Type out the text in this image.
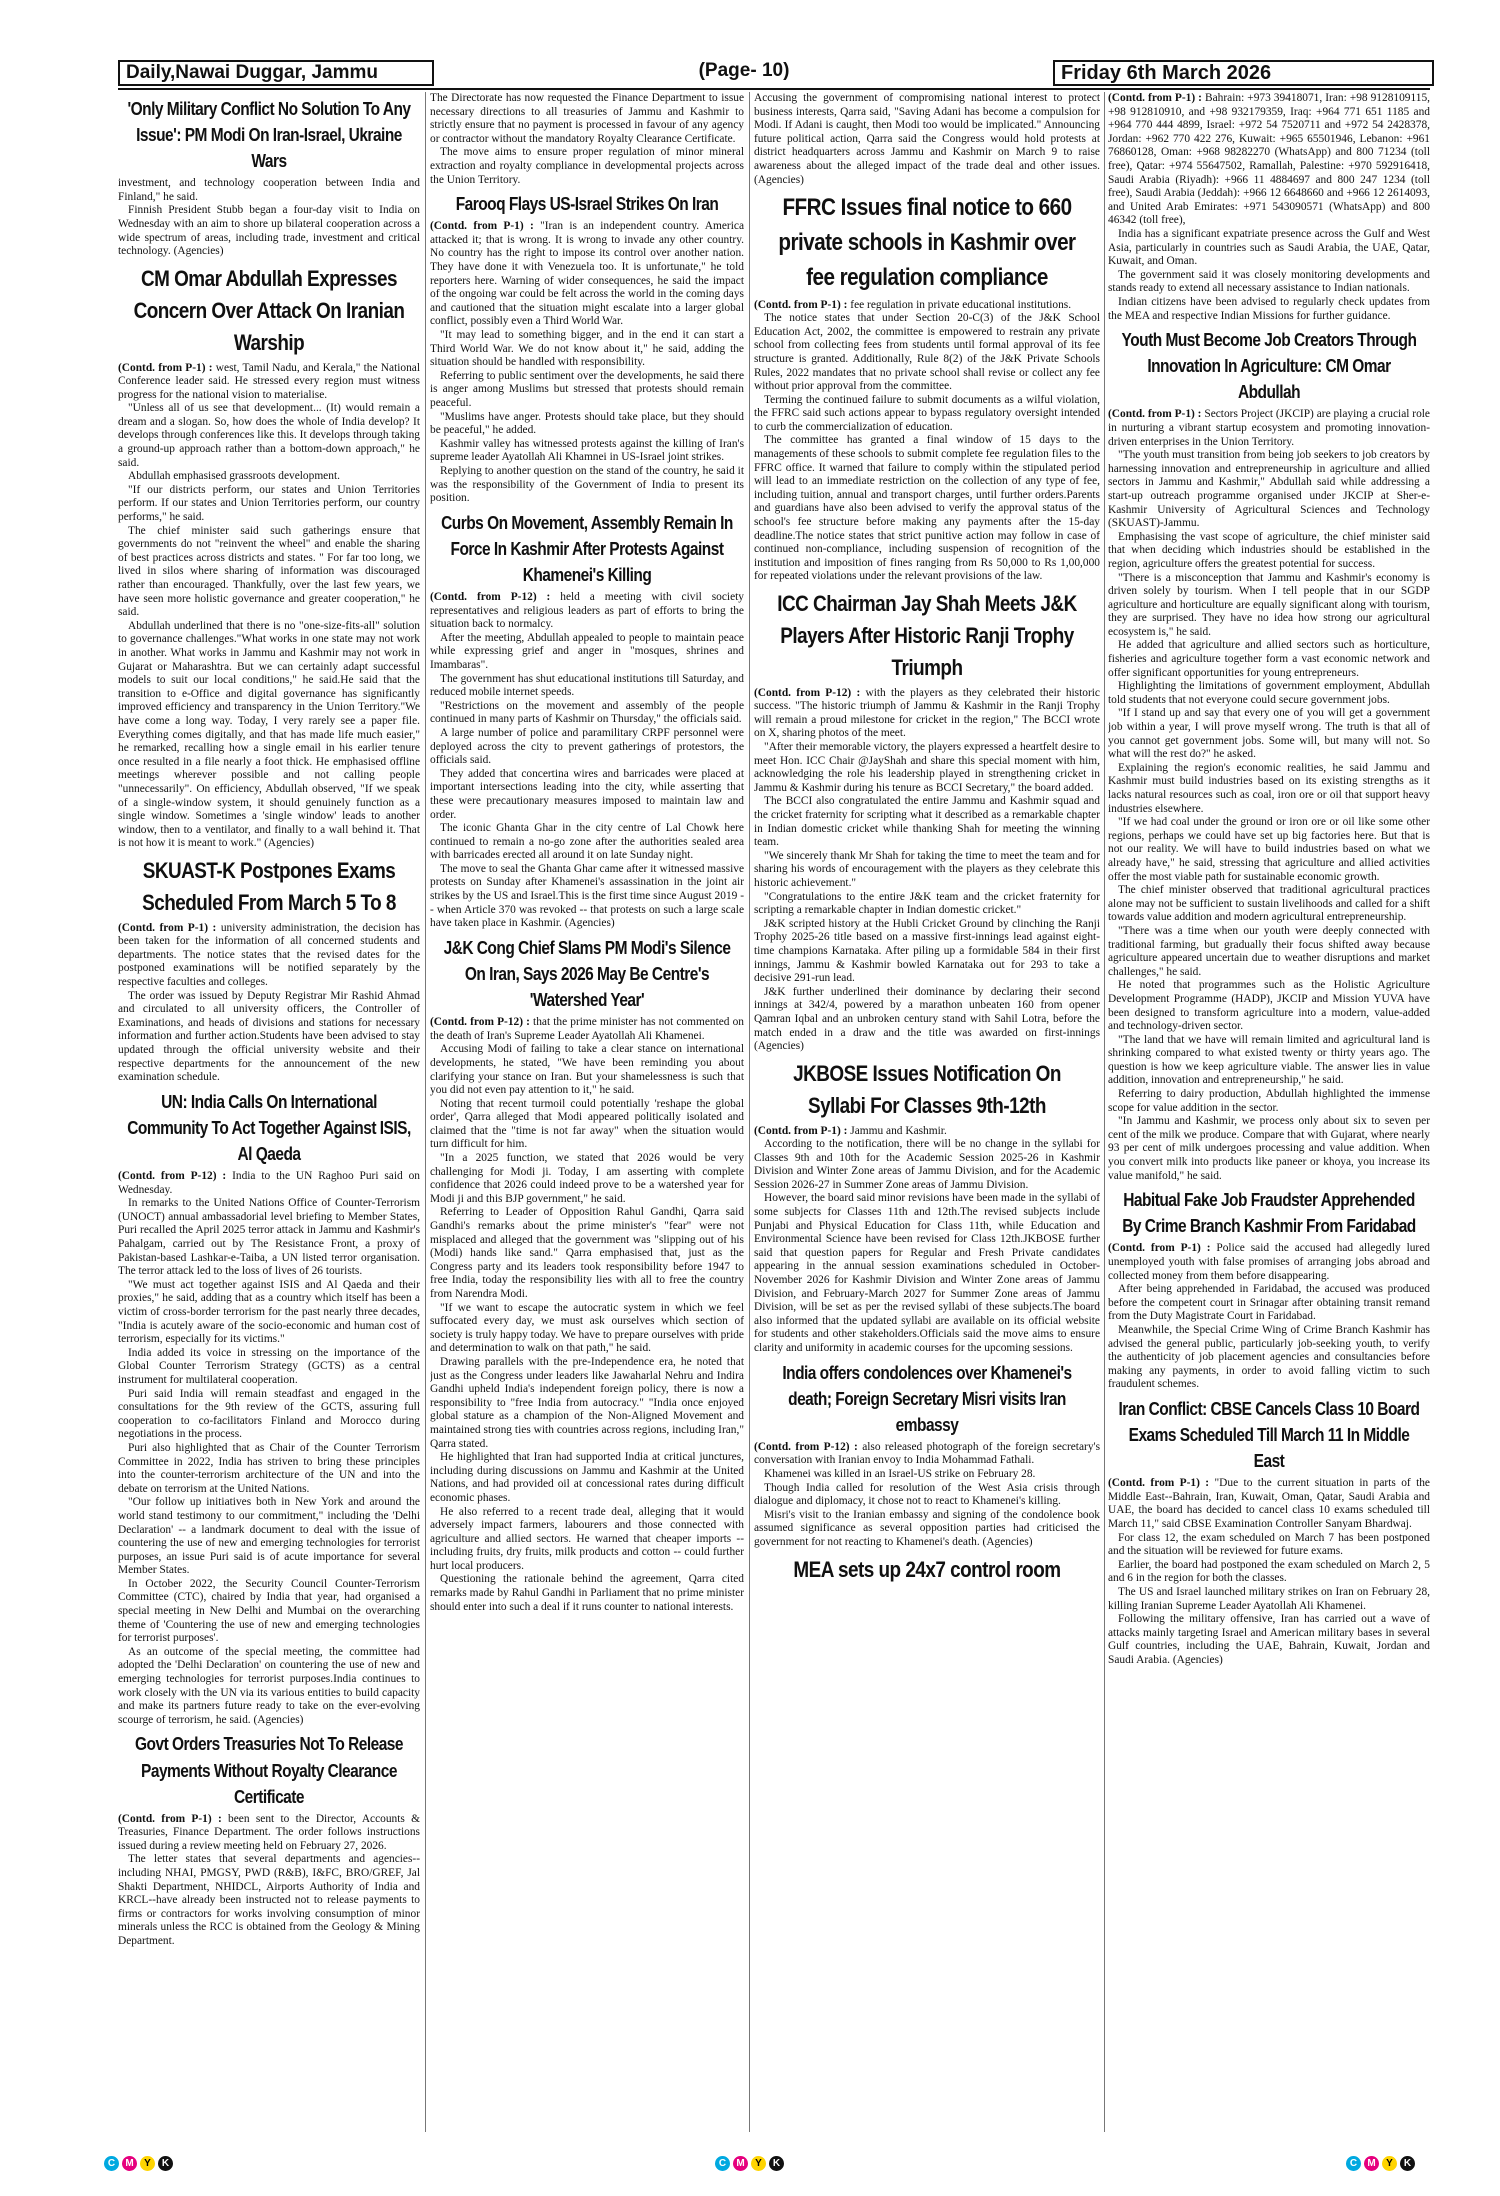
Daily,Nawai Duggar, Jammu	(Page- 10)	Friday 6th March 2026
'Only Military Conflict No Solution To Any Issue': PM Modi On Iran-Israel, Ukraine Wars

investment, and technology cooperation between India and Finland," he said.

Finnish President Stubb began a four-day visit to India on Wednesday with an aim to shore up bilateral cooperation across a wide spectrum of areas, including trade, investment and critical technology. (Agencies)

CM Omar Abdullah Expresses Concern Over Attack On Iranian Warship

(Contd. from P-1) : west, Tamil Nadu, and Kerala," the National Conference leader said. He stressed every region must witness progress for the national vision to materialise.

"Unless all of us see that development... (It) would remain a dream and a slogan. So, how does the whole of India develop? It develops through conferences like this. It develops through taking a ground-up approach rather than a bottom-down approach," he said.

Abdullah emphasised grassroots development.

"If our districts perform, our states and Union Territories perform. If our states and Union Territories perform, our country performs," he said.

The chief minister said such gatherings ensure that governments do not "reinvent the wheel" and enable the sharing of best practices across districts and states. " For far too long, we lived in silos where sharing of information was discouraged rather than encouraged. Thankfully, over the last few years, we have seen more holistic governance and greater cooperation," he said.

Abdullah underlined that there is no "one-size-fits-all" solution to governance challenges."What works in one state may not work in another. What works in Jammu and Kashmir may not work in Gujarat or Maharashtra. But we can certainly adapt successful models to suit our local conditions," he said.He said that the transition to e-Office and digital governance has significantly improved efficiency and transparency in the Union Territory."We have come a long way. Today, I very rarely see a paper file. Everything comes digitally, and that has made life much easier," he remarked, recalling how a single email in his earlier tenure once resulted in a file nearly a foot thick. He emphasised offline meetings wherever possible and not calling people "unnecessarily". On efficiency, Abdullah observed, "If we speak of a single-window system, it should genuinely function as a single window. Sometimes a 'single window' leads to another window, then to a ventilator, and finally to a wall behind it. That is not how it is meant to work." (Agencies)

SKUAST-K Postpones Exams Scheduled From March 5 To 8

(Contd. from P-1) : university administration, the decision has been taken for the information of all concerned students and departments. The notice states that the revised dates for the postponed examinations will be notified separately by the respective faculties and colleges.

The order was issued by Deputy Registrar Mir Rashid Ahmad and circulated to all university officers, the Controller of Examinations, and heads of divisions and stations for necessary information and further action.Students have been advised to stay updated through the official university website and their respective departments for the announcement of the new examination schedule.

UN: India Calls On International Community To Act Together Against ISIS, Al Qaeda

(Contd. from P-12) : India to the UN Raghoo Puri said on Wednesday.

In remarks to the United Nations Office of Counter-Terrorism (UNOCT) annual ambassadorial level briefing to Member States, Puri recalled the April 2025 terror attack in Jammu and Kashmir's Pahalgam, carried out by The Resistance Front, a proxy of Pakistan-based Lashkar-e-Taiba, a UN listed terror organisation. The terror attack led to the loss of lives of 26 tourists.

"We must act together against ISIS and Al Qaeda and their proxies," he said, adding that as a country which itself has been a victim of cross-border terrorism for the past nearly three decades, "India is acutely aware of the socio-economic and human cost of terrorism, especially for its victims."

India added its voice in stressing on the importance of the Global Counter Terrorism Strategy (GCTS) as a central instrument for multilateral cooperation.

Puri said India will remain steadfast and engaged in the consultations for the 9th review of the GCTS, assuring full cooperation to co-facilitators Finland and Morocco during negotiations in the process.

Puri also highlighted that as Chair of the Counter Terrorism Committee in 2022, India has striven to bring these principles into the counter-terrorism architecture of the UN and into the debate on terrorism at the United Nations.

"Our follow up initiatives both in New York and around the world stand testimony to our commitment," including the 'Delhi Declaration' -- a landmark document to deal with the issue of countering the use of new and emerging technologies for terrorist purposes, an issue Puri said is of acute importance for several Member States.

In October 2022, the Security Council Counter-Terrorism Committee (CTC), chaired by India that year, had organised a special meeting in New Delhi and Mumbai on the overarching theme of 'Countering the use of new and emerging technologies for terrorist purposes'.

As an outcome of the special meeting, the committee had adopted the 'Delhi Declaration' on countering the use of new and emerging technologies for terrorist purposes.India continues to work closely with the UN via its various entities to build capacity and make its partners future ready to take on the ever-evolving scourge of terrorism, he said. (Agencies)

Govt Orders Treasuries Not To Release Payments Without Royalty Clearance Certificate

(Contd. from P-1) : been sent to the Director, Accounts & Treasuries, Finance Department. The order follows instructions issued during a review meeting held on February 27, 2026.

The letter states that several departments and agencies--including NHAI, PMGSY, PWD (R&B), I&FC, BRO/GREF, Jal Shakti Department, NHIDCL, Airports Authority of India and KRCL--have already been instructed not to release payments to firms or contractors for works involving consumption of minor minerals unless the RCC is obtained from the Geology & Mining Department.

The Directorate has now requested the Finance Department to issue necessary directions to all treasuries of Jammu and Kashmir to strictly ensure that no payment is processed in favour of any agency or contractor without the mandatory Royalty Clearance Certificate.

The move aims to ensure proper regulation of minor mineral extraction and royalty compliance in developmental projects across the Union Territory.

Farooq Flays US-Israel Strikes On Iran

(Contd. from P-1) : "Iran is an independent country. America attacked it; that is wrong. It is wrong to invade any other country. No country has the right to impose its control over another nation. They have done it with Venezuela too. It is unfortunate," he told reporters here. Warning of wider consequences, he said the impact of the ongoing war could be felt across the world in the coming days and cautioned that the situation might escalate into a larger global conflict, possibly even a Third World War.

"It may lead to something bigger, and in the end it can start a Third World War. We do not know about it," he said, adding the situation should be handled with responsibility.

Referring to public sentiment over the developments, he said there is anger among Muslims but stressed that protests should remain peaceful.

"Muslims have anger. Protests should take place, but they should be peaceful," he added.

Kashmir valley has witnessed protests against the killing of Iran's supreme leader Ayatollah Ali Khamnei in US-Israel joint strikes.

Replying to another question on the stand of the country, he said it was the responsibility of the Government of India to present its position.

Curbs On Movement, Assembly Remain In Force In Kashmir After Protests Against Khamenei's Killing

(Contd. from P-12) : held a meeting with civil society representatives and religious leaders as part of efforts to bring the situation back to normalcy.

After the meeting, Abdullah appealed to people to maintain peace while expressing grief and anger in "mosques, shrines and Imambaras".

The government has shut educational institutions till Saturday, and reduced mobile internet speeds.

"Restrictions on the movement and assembly of the people continued in many parts of Kashmir on Thursday," the officials said.

A large number of police and paramilitary CRPF personnel were deployed across the city to prevent gatherings of protestors, the officials said.

They added that concertina wires and barricades were placed at important intersections leading into the city, while asserting that these were precautionary measures imposed to maintain law and order.

The iconic Ghanta Ghar in the city centre of Lal Chowk here continued to remain a no-go zone after the authorities sealed area with barricades erected all around it on late Sunday night.

The move to seal the Ghanta Ghar came after it witnessed massive protests on Sunday after Khamenei's assassination in the joint air strikes by the US and Israel.This is the first time since August 2019 -- when Article 370 was revoked -- that protests on such a large scale have taken place in Kashmir. (Agencies)

J&K Cong Chief Slams PM Modi's Silence On Iran, Says 2026 May Be Centre's 'Watershed Year'

(Contd. from P-12) : that the prime minister has not commented on the death of Iran's Supreme Leader Ayatollah Ali Khamenei.

Accusing Modi of failing to take a clear stance on international developments, he stated, "We have been reminding you about clarifying your stance on Iran. But your shamelessness is such that you did not even pay attention to it," he said.

Noting that recent turmoil could potentially 'reshape the global order', Qarra alleged that Modi appeared politically isolated and claimed that the "time is not far away" when the situation would turn difficult for him.

"In a 2025 function, we stated that 2026 would be very challenging for Modi ji. Today, I am asserting with complete confidence that 2026 could indeed prove to be a watershed year for Modi ji and this BJP government," he said.

Referring to Leader of Opposition Rahul Gandhi, Qarra said Gandhi's remarks about the prime minister's "fear" were not misplaced and alleged that the government was "slipping out of his (Modi) hands like sand." Qarra emphasised that, just as the Congress party and its leaders took responsibility before 1947 to free India, today the responsibility lies with all to free the country from Narendra Modi.

"If we want to escape the autocratic system in which we feel suffocated every day, we must ask ourselves which section of society is truly happy today. We have to prepare ourselves with pride and determination to walk on that path," he said.

Drawing parallels with the pre-Independence era, he noted that just as the Congress under leaders like Jawaharlal Nehru and Indira Gandhi upheld India's independent foreign policy, there is now a responsibility to "free India from autocracy." "India once enjoyed global stature as a champion of the Non-Aligned Movement and maintained strong ties with countries across regions, including Iran," Qarra stated.

He highlighted that Iran had supported India at critical junctures, including during discussions on Jammu and Kashmir at the United Nations, and had provided oil at concessional rates during difficult economic phases.

He also referred to a recent trade deal, alleging that it would adversely impact farmers, labourers and those connected with agriculture and allied sectors. He warned that cheaper imports -- including fruits, dry fruits, milk products and cotton -- could further hurt local producers.

Questioning the rationale behind the agreement, Qarra cited remarks made by Rahul Gandhi in Parliament that no prime minister should enter into such a deal if it runs counter to national interests.

Accusing the government of compromising national interest to protect business interests, Qarra said, "Saving Adani has become a compulsion for Modi. If Adani is caught, then Modi too would be implicated." Announcing future political action, Qarra said the Congress would hold protests at district headquarters across Jammu and Kashmir on March 9 to raise awareness about the alleged impact of the trade deal and other issues. (Agencies)

FFRC Issues final notice to 660 private schools in Kashmir over fee regulation compliance

(Contd. from P-1) : fee regulation in private educational institutions.

The notice states that under Section 20-C(3) of the J&K School Education Act, 2002, the committee is empowered to restrain any private school from collecting fees from students until formal approval of its fee structure is granted. Additionally, Rule 8(2) of the J&K Private Schools Rules, 2022 mandates that no private school shall revise or collect any fee without prior approval from the committee.

Terming the continued failure to submit documents as a wilful violation, the FFRC said such actions appear to bypass regulatory oversight intended to curb the commercialization of education.

The committee has granted a final window of 15 days to the managements of these schools to submit complete fee regulation files to the FFRC office. It warned that failure to comply within the stipulated period will lead to an immediate restriction on the collection of any type of fee, including tuition, annual and transport charges, until further orders.Parents and guardians have also been advised to verify the approval status of the school's fee structure before making any payments after the 15-day deadline.The notice states that strict punitive action may follow in case of continued non-compliance, including suspension of recognition of the institution and imposition of fines ranging from Rs 50,000 to Rs 1,00,000 for repeated violations under the relevant provisions of the law.

ICC Chairman Jay Shah Meets J&K Players After Historic Ranji Trophy Triumph

(Contd. from P-12) : with the players as they celebrated their historic success. "The historic triumph of Jammu & Kashmir in the Ranji Trophy will remain a proud milestone for cricket in the region," The BCCI wrote on X, sharing photos of the meet.

"After their memorable victory, the players expressed a heartfelt desire to meet Hon. ICC Chair @JayShah and share this special moment with him, acknowledging the role his leadership played in strengthening cricket in Jammu & Kashmir during his tenure as BCCI Secretary," the board added.

The BCCI also congratulated the entire Jammu and Kashmir squad and the cricket fraternity for scripting what it described as a remarkable chapter in Indian domestic cricket while thanking Shah for meeting the winning team.

"We sincerely thank Mr Shah for taking the time to meet the team and for sharing his words of encouragement with the players as they celebrate this historic achievement."

"Congratulations to the entire J&K team and the cricket fraternity for scripting a remarkable chapter in Indian domestic cricket."

J&K scripted history at the Hubli Cricket Ground by clinching the Ranji Trophy 2025-26 title based on a massive first-innings lead against eight-time champions Karnataka. After piling up a formidable 584 in their first innings, Jammu & Kashmir bowled Karnataka out for 293 to take a decisive 291-run lead.

J&K further underlined their dominance by declaring their second innings at 342/4, powered by a marathon unbeaten 160 from opener Qamran Iqbal and an unbroken century stand with Sahil Lotra, before the match ended in a draw and the title was awarded on first-innings (Agencies)

JKBOSE Issues Notification On Syllabi For Classes 9th-12th

(Contd. from P-1) : Jammu and Kashmir.

According to the notification, there will be no change in the syllabi for Classes 9th and 10th for the Academic Session 2025-26 in Kashmir Division and Winter Zone areas of Jammu Division, and for the Academic Session 2026-27 in Summer Zone areas of Jammu Division.

However, the board said minor revisions have been made in the syllabi of some subjects for Classes 11th and 12th.The revised subjects include Punjabi and Physical Education for Class 11th, while Education and Environmental Science have been revised for Class 12th.JKBOSE further said that question papers for Regular and Fresh Private candidates appearing in the annual session examinations scheduled in October-November 2026 for Kashmir Division and Winter Zone areas of Jammu Division, and February-March 2027 for Summer Zone areas of Jammu Division, will be set as per the revised syllabi of these subjects.The board also informed that the updated syllabi are available on its official website for students and other stakeholders.Officials said the move aims to ensure clarity and uniformity in academic courses for the upcoming sessions.

India offers condolences over Khamenei's death; Foreign Secretary Misri visits Iran embassy

(Contd. from P-12) : also released photograph of the foreign secretary's conversation with Iranian envoy to India Mohammad Fathali.

Khamenei was killed in an Israel-US strike on February 28.

Though India called for resolution of the West Asia crisis through dialogue and diplomacy, it chose not to react to Khamenei's killing.

Misri's visit to the Iranian embassy and signing of the condolence book assumed significance as several opposition parties had criticised the government for not reacting to Khamenei's death. (Agencies)

MEA sets up 24x7 control room

(Contd. from P-1) : Bahrain: +973 39418071, Iran: +98 9128109115, +98 912810910, and +98 932179359, Iraq: +964 771 651 1185 and +964 770 444 4899, Israel: +972 54 7520711 and +972 54 2428378, Jordan: +962 770 422 276, Kuwait: +965 65501946, Lebanon: +961 76860128, Oman: +968 98282270 (WhatsApp) and 800 71234 (toll free), Qatar: +974 55647502, Ramallah, Palestine: +970 592916418, Saudi Arabia (Riyadh): +966 11 4884697 and 800 247 1234 (toll free), Saudi Arabia (Jeddah): +966 12 6648660 and +966 12 2614093, and United Arab Emirates: +971 543090571 (WhatsApp) and 800 46342 (toll free),

India has a significant expatriate presence across the Gulf and West Asia, particularly in countries such as Saudi Arabia, the UAE, Qatar, Kuwait, and Oman.

The government said it was closely monitoring developments and stands ready to extend all necessary assistance to Indian nationals.

Indian citizens have been advised to regularly check updates from the MEA and respective Indian Missions for further guidance.

Youth Must Become Job Creators Through Innovation In Agriculture: CM Omar Abdullah

(Contd. from P-1) : Sectors Project (JKCIP) are playing a crucial role in nurturing a vibrant startup ecosystem and promoting innovation-driven enterprises in the Union Territory.

"The youth must transition from being job seekers to job creators by harnessing innovation and entrepreneurship in agriculture and allied sectors in Jammu and Kashmir," Abdullah said while addressing a start-up outreach programme organised under JKCIP at Sher-e-Kashmir University of Agricultural Sciences and Technology (SKUAST)-Jammu.

Emphasising the vast scope of agriculture, the chief minister said that when deciding which industries should be established in the region, agriculture offers the greatest potential for success.

"There is a misconception that Jammu and Kashmir's economy is driven solely by tourism. When I tell people that in our SGDP agriculture and horticulture are equally significant along with tourism, they are surprised. They have no idea how strong our agricultural ecosystem is," he said.

He added that agriculture and allied sectors such as horticulture, fisheries and agriculture together form a vast economic network and offer significant opportunities for young entrepreneurs.

Highlighting the limitations of government employment, Abdullah told students that not everyone could secure government jobs.

"If I stand up and say that every one of you will get a government job within a year, I will prove myself wrong. The truth is that all of you cannot get government jobs. Some will, but many will not. So what will the rest do?" he asked.

Explaining the region's economic realities, he said Jammu and Kashmir must build industries based on its existing strengths as it lacks natural resources such as coal, iron ore or oil that support heavy industries elsewhere.

"If we had coal under the ground or iron ore or oil like some other regions, perhaps we could have set up big factories here. But that is not our reality. We will have to build industries based on what we already have," he said, stressing that agriculture and allied activities offer the most viable path for sustainable economic growth.

The chief minister observed that traditional agricultural practices alone may not be sufficient to sustain livelihoods and called for a shift towards value addition and modern agricultural entrepreneurship.

"There was a time when our youth were deeply connected with traditional farming, but gradually their focus shifted away because agriculture appeared uncertain due to weather disruptions and market challenges," he said.

He noted that programmes such as the Holistic Agriculture Development Programme (HADP), JKCIP and Mission YUVA have been designed to transform agriculture into a modern, value-added and technology-driven sector.

"The land that we have will remain limited and agricultural land is shrinking compared to what existed twenty or thirty years ago. The question is how we keep agriculture viable. The answer lies in value addition, innovation and entrepreneurship," he said.

Referring to dairy production, Abdullah highlighted the immense scope for value addition in the sector.

"In Jammu and Kashmir, we process only about six to seven per cent of the milk we produce. Compare that with Gujarat, where nearly 93 per cent of milk undergoes processing and value addition. When you convert milk into products like paneer or khoya, you increase its value manifold," he said.

Habitual Fake Job Fraudster Apprehended By Crime Branch Kashmir From Faridabad

(Contd. from P-1) : Police said the accused had allegedly lured unemployed youth with false promises of arranging jobs abroad and collected money from them before disappearing.

After being apprehended in Faridabad, the accused was produced before the competent court in Srinagar after obtaining transit remand from the Duty Magistrate Court in Faridabad.

Meanwhile, the Special Crime Wing of Crime Branch Kashmir has advised the general public, particularly job-seeking youth, to verify the authenticity of job placement agencies and consultancies before making any payments, in order to avoid falling victim to such fraudulent schemes.

Iran Conflict: CBSE Cancels Class 10 Board Exams Scheduled Till March 11 In Middle East

(Contd. from P-1) : "Due to the current situation in parts of the Middle East--Bahrain, Iran, Kuwait, Oman, Qatar, Saudi Arabia and UAE, the board has decided to cancel class 10 exams scheduled till March 11," said CBSE Examination Controller Sanyam Bhardwaj.

For class 12, the exam scheduled on March 7 has been postponed and the situation will be reviewed for future exams.

Earlier, the board had postponed the exam scheduled on March 2, 5 and 6 in the region for both the classes.

The US and Israel launched military strikes on Iran on February 28, killing Iranian Supreme Leader Ayatollah Ali Khamenei.

Following the military offensive, Iran has carried out a wave of attacks mainly targeting Israel and American military bases in several Gulf countries, including the UAE, Bahrain, Kuwait, Jordan and Saudi Arabia. (Agencies)

C	M	Y	K	C	M	Y	K	C	M	Y	K
